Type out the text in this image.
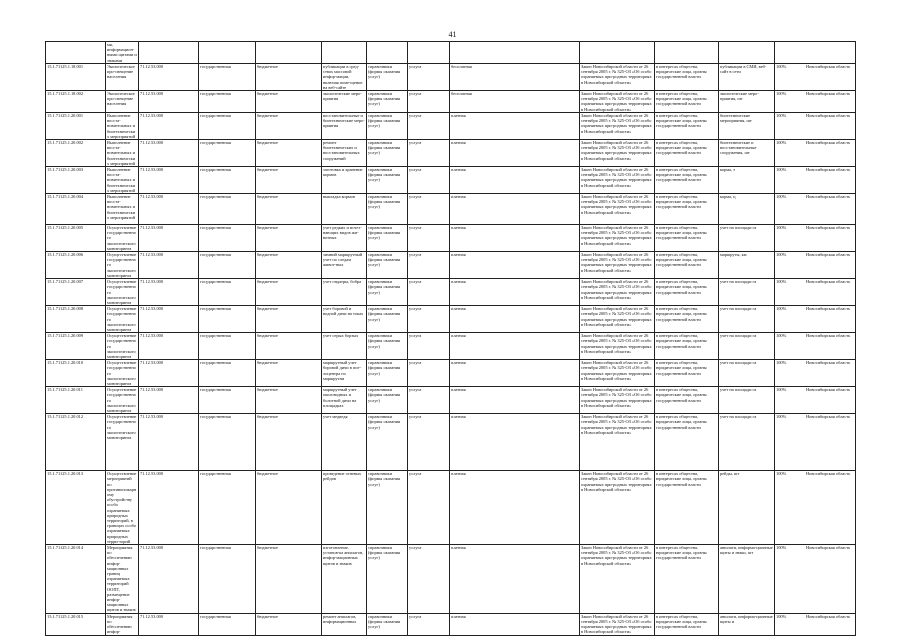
41
	мя, информацион-ными щитами и знаками											
15.1.71125.1.18.001	Экологическое про-свещение населения	71.12.53.000	государственная	бюджетное	публикации в сред-ствах массовой инфор-мации, включая поме-щение на веб-сайте	справочники (формы оказания услуг)	услуга	бесплатная	Закон Новосибирской области от 26 сентября 2005 г. № 325-ОЗ «Об особо охраняемых при-родных территориях в Новосибирской области»	в интересах общества, юридические лица, органы государственной власти	публикации в СМИ, веб-сайт в сети	100% Новосибирская область

15.1.71125.1.18.002	Экологическое про-свещение населения	71.12.53.000	государственная	бюджетное	экологические меро-приятия	справочники (формы оказания услуг)	услуга	бесплатная	Закон Новосибирской области от 26 сентября 2005 г. № 325-ОЗ «Об особо охраняемых при-родных территориях в Новосибирской области»	в интересах общества, юридические лица, органы государственной власти	экологические меро-приятия, шт	100% Новосибирская область

15.1.71125.1.20.001	Выполнение восста-новительных и биотехнических мероприятий	71.12.53.000	государственная	бюджетное	восстановительные и биотехнические меро-приятия	справочники (формы оказания услуг)	услуга	платная	Закон Новосибирской области от 26 сентября 2005 г. № 325-ОЗ «Об особо охраняемых при-родных территориях в Новосибирской области»	в интересах общества, юридические лица, органы государственной власти	биотехнические мероприятия, шт	100% Новосибирская область

15.1.71125.1.20.002	Выполнение восста-новительных и биотехнических мероприятий	71.12.53.000	государственная	бюджетное	ремонт биотехнических и восстановительных сооружений	справочники (формы оказания услуг)	услуга	платная	Закон Новосибирской области от 26 сентября 2005 г. № 325-ОЗ «Об особо охраняемых при-родных территориях в Новосибирской области»	в интересах общества, юридические лица, органы государственной власти	биотехнические и восстановительные сооружения, шт	100% Новосибирская область

15.1.71125.1.20.003	Выполнение восста-новительных и биотехнических мероприятий	71.12.53.000	государственная	бюджетное	заготовка и хранение кормов	справочники (формы оказания услуг)	услуга	платная	Закон Новосибирской области от 26 сентября 2005 г. № 325-ОЗ «Об особо охраняемых при-родных территориях в Новосибирской области»	в интересах общества, юридические лица, органы государственной власти	корма, т	100% Новосибирская область

15.1.71125.1.20.004	Выполнение восста-новительных и биотехнических мероприятий	71.12.53.000	государственная	бюджетное	выкладка кормов	справочники (формы оказания услуг)	услуга	платная	Закон Новосибирской области от 26 сентября 2005 г. № 325-ОЗ «Об особо охраняемых при-родных территориях в Новосибирской области»	в интересах общества, юридические лица, органы государственной власти	корма, ц	100% Новосибирская область

15.1.71125.1.20.005	Осуществление государственного экологического мониторинга	71.12.53.000	государственная	бюджетное	учет редких и исчез-нающих видов жи-вотных	справочники (формы оказания услуг)	услуга	платная	Закон Новосибирской области от 26 сентября 2005 г. № 325-ОЗ «Об особо охраняемых при-родных территориях в Новосибирской области»	в интересах общества, юридические лица, органы государственной власти	учет на площади га	100% Новосибирская область

15.1.71125.1.20.006	Осуществление государственного экологического мониторинга	71.12.53.000	государственная	бюджетное	зимний маршрутный учет по следам живот-ных	справочники (формы оказания услуг)	услуга	платная	Закон Новосибирской области от 26 сентября 2005 г. № 325-ОЗ «Об особо охраняемых при-родных территориях в Новосибирской области»	в интересах общества, юридические лица, органы государственной власти	маршруты, км	100% Новосибирская область

15.1.71125.1.20.007	Осуществление государственного экологического мониторинга	71.12.53.000	государственная	бюджетное	учет ондатры, бобра	справочники (формы оказания услуг)	услуга	платная	Закон Новосибирской области от 26 сентября 2005 г. № 325-ОЗ «Об особо охраняемых при-родных территориях в Новосибирской области»	в интересах общества, юридические лица, органы государственной власти	учет на площади га	100% Новосибирская область

15.1.71125.1.20.008	Осуществление государственного экологического мониторинга	71.12.53.000	государственная	бюджетное	учет боровой и водной дичи на токах	справочники (формы оказания услуг)	услуга	платная	Закон Новосибирской области от 26 сентября 2005 г. № 325-ОЗ «Об особо охраняемых при-родных территориях в Новосибирской области»	в интересах общества, юридические лица, органы государственной власти	учет на площади га	100% Новосибирская область

15.1.71125.1.20.009	Осуществление государственного экологического мониторинга	71.12.53.000	государственная	бюджетное	учет серых борзых	справочники (формы оказания услуг)	услуга	платная	Закон Новосибирской области от 26 сентября 2005 г. № 325-ОЗ «Об особо охраняемых при-родных территориях в Новосибирской области»	в интересах общества, юридические лица, органы государственной власти	учет на площади га	100% Новосибирская область

15.1.71125.1.20.010	Осуществление государственного экологического мониторинга	71.12.53.000	государственная	бюджетное	маршрутный учет боровой дичи в пое-лоцентра по маршрутам	справочники (формы оказания услуг)	услуга	платная	Закон Новосибирской области от 26 сентября 2005 г. № 325-ОЗ «Об особо охраняемых при-родных территориях в Новосибирской области»	в интересах общества, юридические лица, органы государственной власти	учет на площади га	100% Новосибирская область

15.1.71125.1.20.011	Осуществление государственного экологического мониторинга	71.12.53.000	государственная	бюджетное	маршрутный учет околоводных и болотной дичи на площадках	справочники (формы оказания услуг)	услуга	платная	Закон Новосибирской области от 26 сентября 2005 г. № 325-ОЗ «Об особо охраняемых при-родных территориях в Новосибирской области»	в интересах общества, юридические лица, органы государственной власти	учет на площади га	100% Новосибирская область

15.1.71125.1.20.012	Осуществление государственного экологического мониторинга	71.12.53.000	государственная	бюджетное	учет медведя	справочники (формы оказания услуг)	услуга	платная	Закон Новосибирской области от 26 сентября 2005 г. № 325-ОЗ «Об особо охраняемых при-родных территориях в Новосибирской области»	в интересах общества, юридические лица, органы государственной власти	учет на площади га	100% Новосибирская область

15.1.71125.1.20.013	Осуществление мероприятий по противопожарному обустройству особо охраняемых природных территорий, в границах особо охраняемых природных терри-торий	71.12.53.000	государственная	бюджетное	проведение огневых рейдов	справочники (формы оказания услуг)	услуга	платная	Закон Новосибирской области от 26 сентября 2005 г. № 325-ОЗ «Об особо охраняемых при-родных территориях в Новосибирской области»	в интересах общества, юридические лица, органы государственной власти	рейды, шт	100% Новосибирская область

15.1.71125.1.20.014	Мероприятия по обеспечению инфор-мационных границ охраняемых территорий ООПТ, размещение инфор-мационных щитов и знаков	71.12.53.000	государственная	бюджетное	изготовление, установ-ка аншлагов, инфор-мационных щитов и знаков	справочники (формы оказания услуг)	услуга	платная	Закон Новосибирской области от 26 сентября 2005 г. № 325-ОЗ «Об особо охраняемых при-родных территориях в Новосибирской области»	в интересах общества, юридические лица, органы государственной власти	аншлаги, информа-ционные щиты и знаки, шт	100% Новосибирская область

15.1.71125.1.20.015	Мероприятия по обеспечению инфор-	71.12.53.000	государственная	бюджетное	ремонт аншлагов, информационных	справочники (формы оказания услуг)	услуга	платная	Закон Новосибирской области от 26 сентября 2005 г. № 325-ОЗ «Об особо охраняемых при-родных территориях в Новосибирской области»	в интересах общества, юридические лица, органы государственной власти	аншлаги, информа-ционные щиты и	100% Новосибирская область
